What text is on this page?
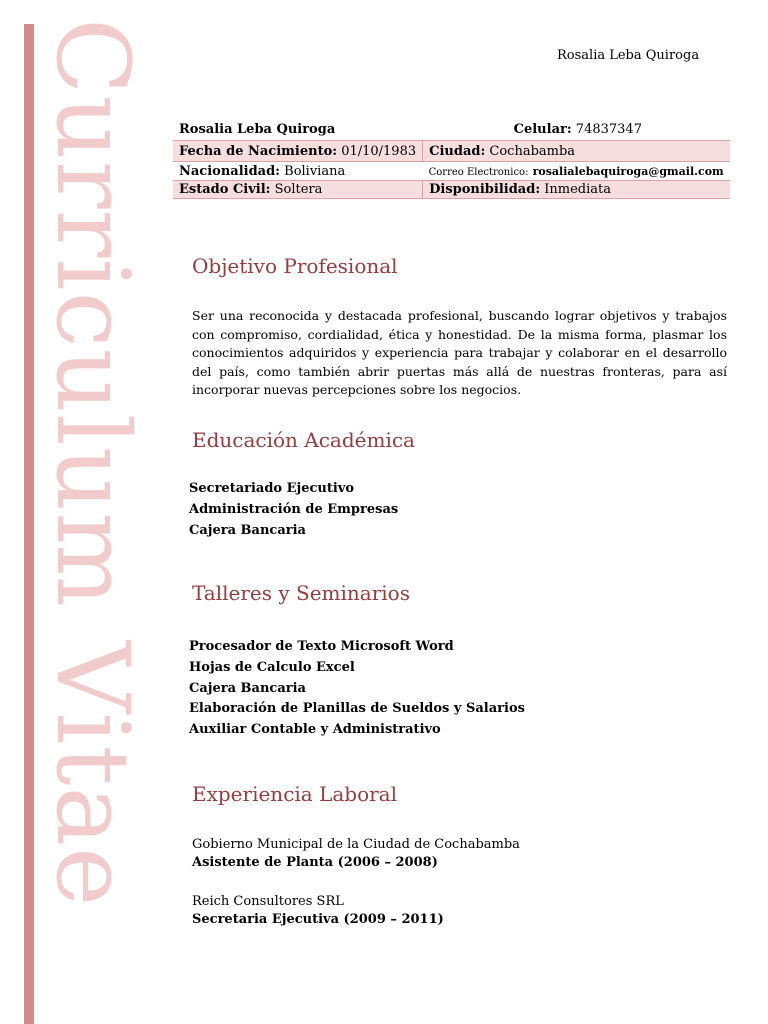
Curriculum Vitae	Rosalia Leba Quiroga
Rosalia Leba Quiroga	Celular: 74837347
Fecha de Nacimiento: 01/10/1983	Ciudad: Cochabamba
Nacionalidad: Boliviana	Correo Electronico: rosalialebaquiroga@gmail.com
Estado Civil: Soltera	Disponibilidad: Inmediata
Objetivo Profesional
Ser una reconocida y destacada profesional, buscando lograr objetivos y trabajos con compromiso, cordialidad, ética y honestidad. De la misma forma, plasmar los conocimientos adquiridos y experiencia para trabajar y colaborar en el desarrollo del país, como también abrir puertas más allá de nuestras fronteras, para así incorporar nuevas percepciones sobre los negocios.
Educación Académica
Secretariado Ejecutivo
Administración de Empresas
Cajera Bancaria
Talleres y Seminarios
Procesador de Texto Microsoft Word
Hojas de Calculo Excel
Cajera Bancaria
Elaboración de Planillas de Sueldos y Salarios
Auxiliar Contable y Administrativo
Experiencia Laboral
Gobierno Municipal de la Ciudad de Cochabamba
Asistente de Planta (2006 – 2008)
Reich Consultores SRL
Secretaria Ejecutiva (2009 – 2011)
